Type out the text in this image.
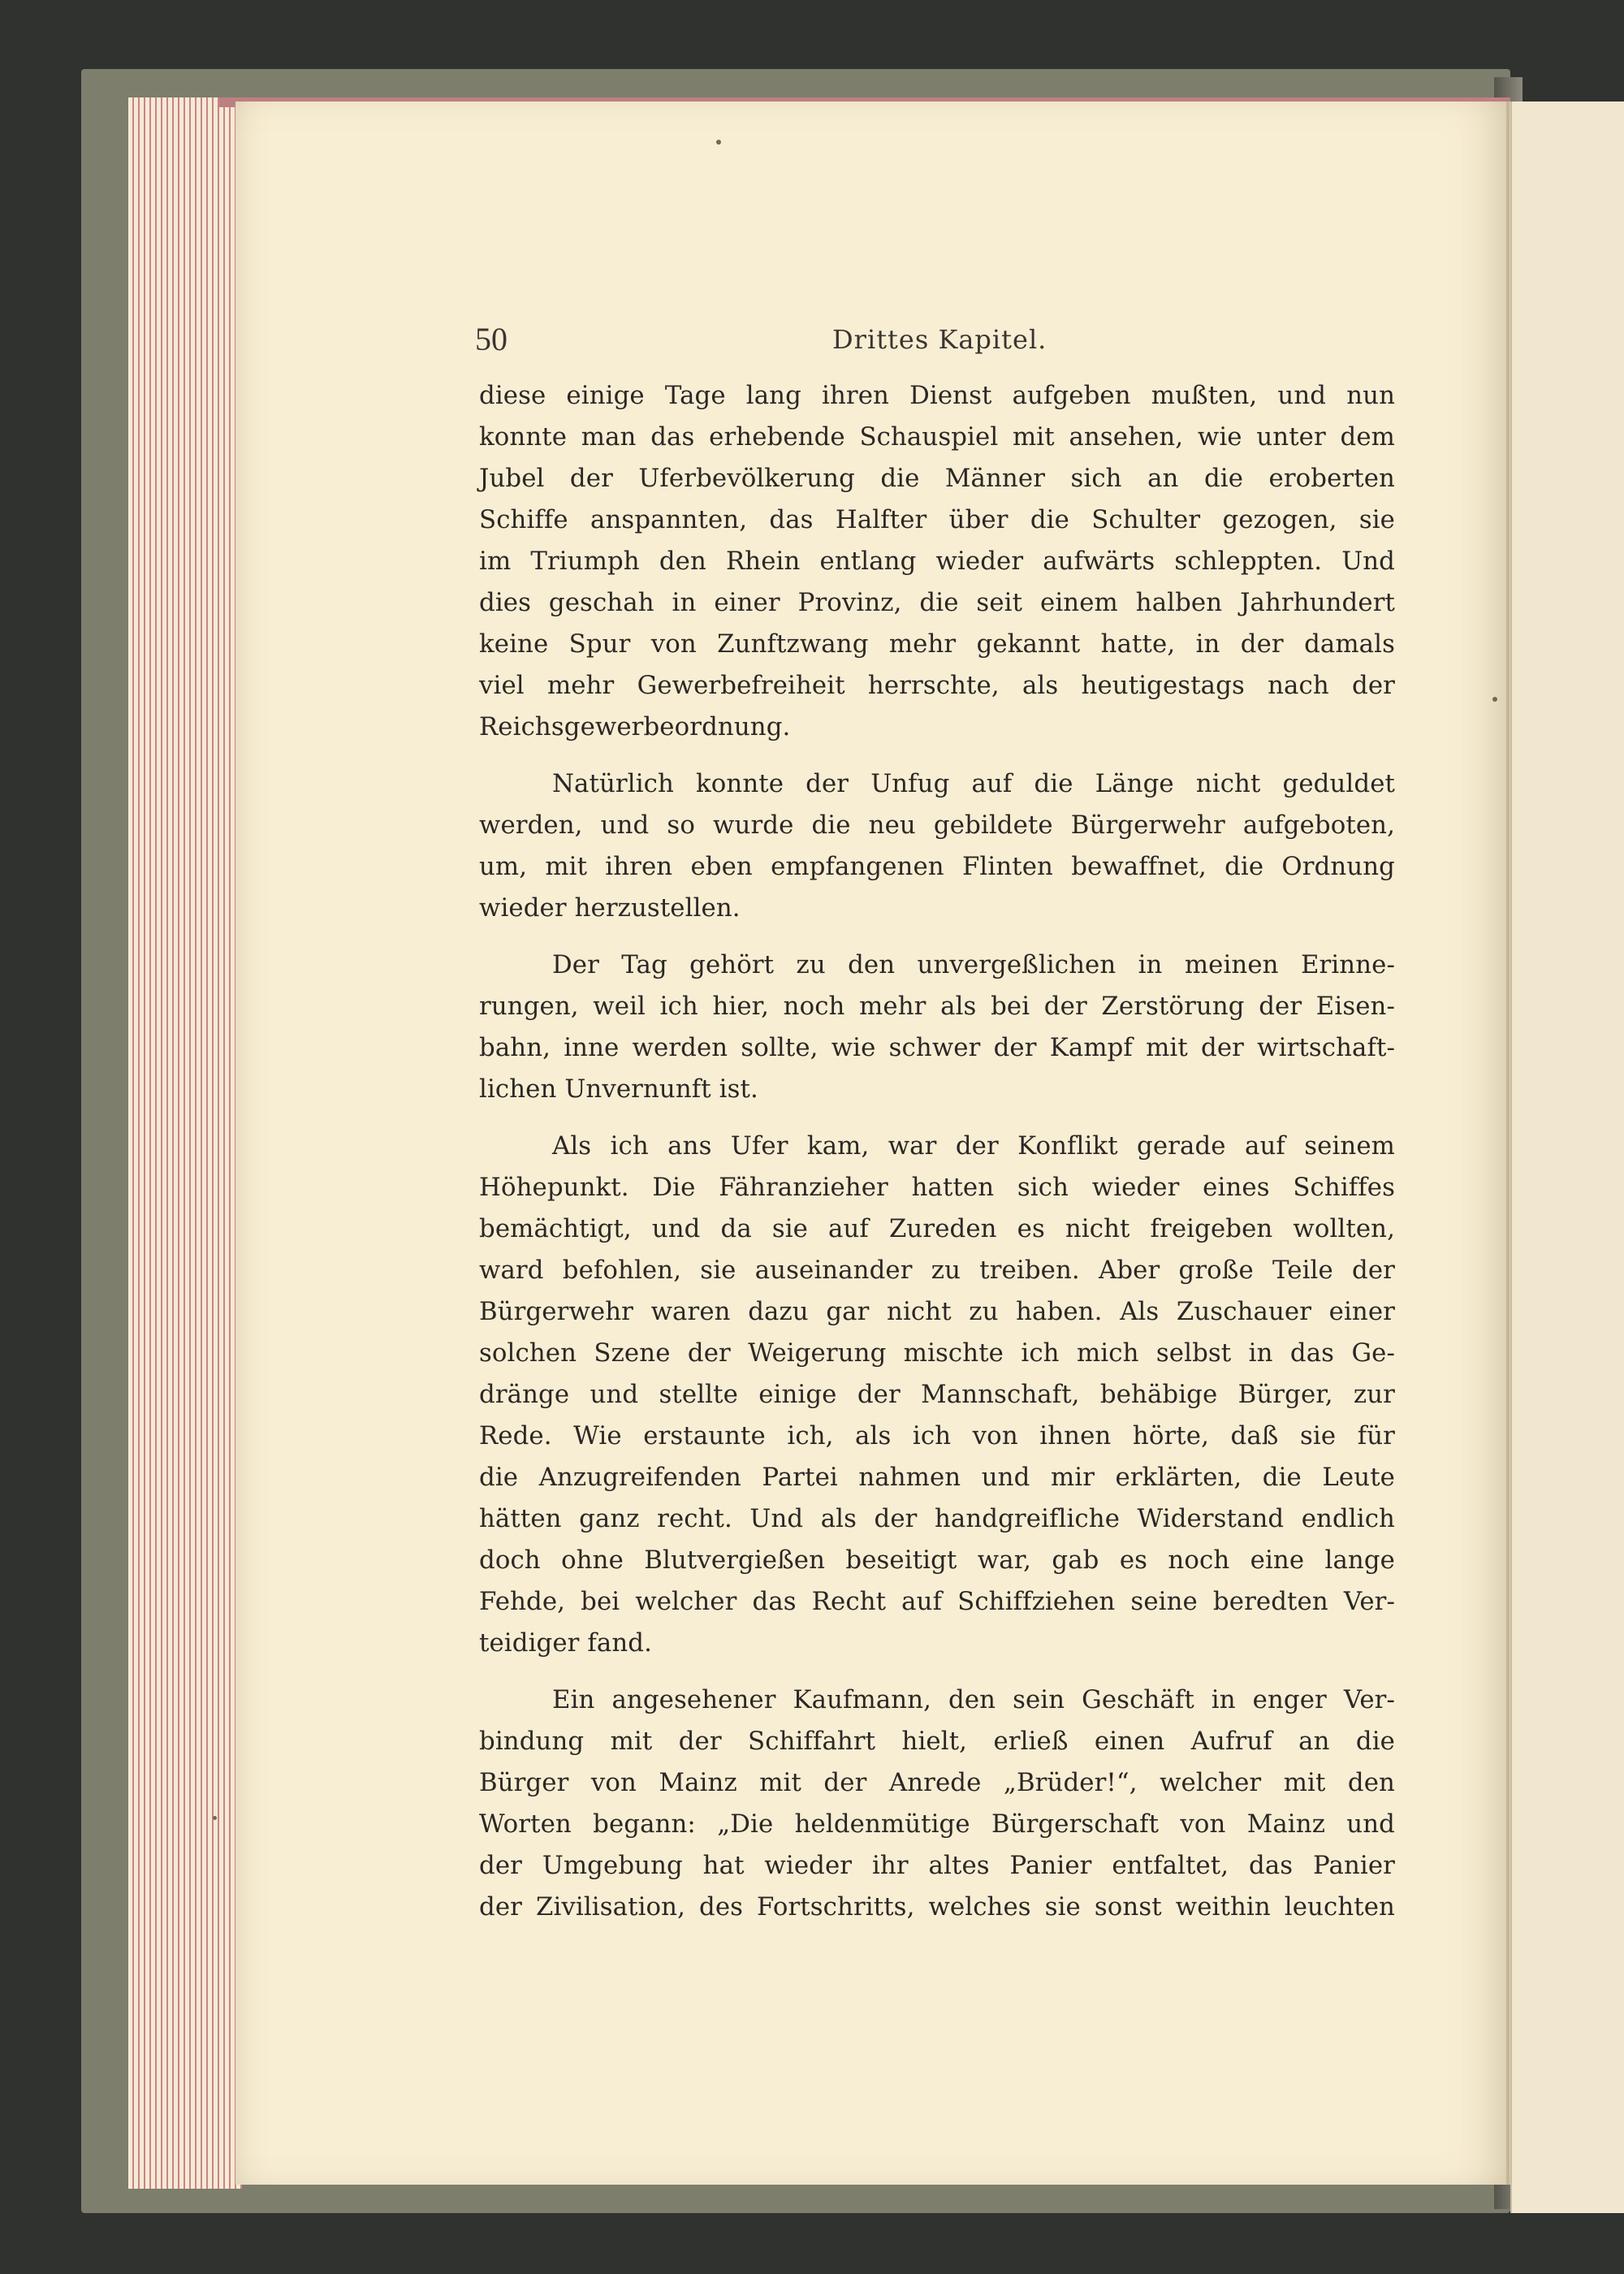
50	Drittes Kapitel.

diese einige Tage lang ihren Dienst aufgeben mußten, und nun
konnte man das erhebende Schauspiel mit ansehen, wie unter dem
Jubel der Uferbevölkerung die Männer sich an die eroberten
Schiffe anspannten, das Halfter über die Schulter gezogen, sie
im Triumph den Rhein entlang wieder aufwärts schleppten. Und
dies geschah in einer Provinz, die seit einem halben Jahrhundert
keine Spur von Zunftzwang mehr gekannt hatte, in der damals
viel mehr Gewerbefreiheit herrschte, als heutigestags nach der
Reichsgewerbeordnung.

Natürlich konnte der Unfug auf die Länge nicht geduldet
werden, und so wurde die neu gebildete Bürgerwehr aufgeboten,
um, mit ihren eben empfangenen Flinten bewaffnet, die Ordnung
wieder herzustellen.

Der Tag gehört zu den unvergeßlichen in meinen Erinne-
rungen, weil ich hier, noch mehr als bei der Zerstörung der Eisen-
bahn, inne werden sollte, wie schwer der Kampf mit der wirtschaft-
lichen Unvernunft ist.

Als ich ans Ufer kam, war der Konflikt gerade auf seinem
Höhepunkt. Die Fähranzieher hatten sich wieder eines Schiffes
bemächtigt, und da sie auf Zureden es nicht freigeben wollten,
ward befohlen, sie auseinander zu treiben. Aber große Teile der
Bürgerwehr waren dazu gar nicht zu haben. Als Zuschauer einer
solchen Szene der Weigerung mischte ich mich selbst in das Ge-
dränge und stellte einige der Mannschaft, behäbige Bürger, zur
Rede. Wie erstaunte ich, als ich von ihnen hörte, daß sie für
die Anzugreifenden Partei nahmen und mir erklärten, die Leute
hätten ganz recht. Und als der handgreifliche Widerstand endlich
doch ohne Blutvergießen beseitigt war, gab es noch eine lange
Fehde, bei welcher das Recht auf Schiffziehen seine beredten Ver-
teidiger fand.

Ein angesehener Kaufmann, den sein Geschäft in enger Ver-
bindung mit der Schiffahrt hielt, erließ einen Aufruf an die
Bürger von Mainz mit der Anrede „Brüder!“, welcher mit den
Worten begann: „Die heldenmütige Bürgerschaft von Mainz und
der Umgebung hat wieder ihr altes Panier entfaltet, das Panier
der Zivilisation, des Fortschritts, welches sie sonst weithin leuchten
